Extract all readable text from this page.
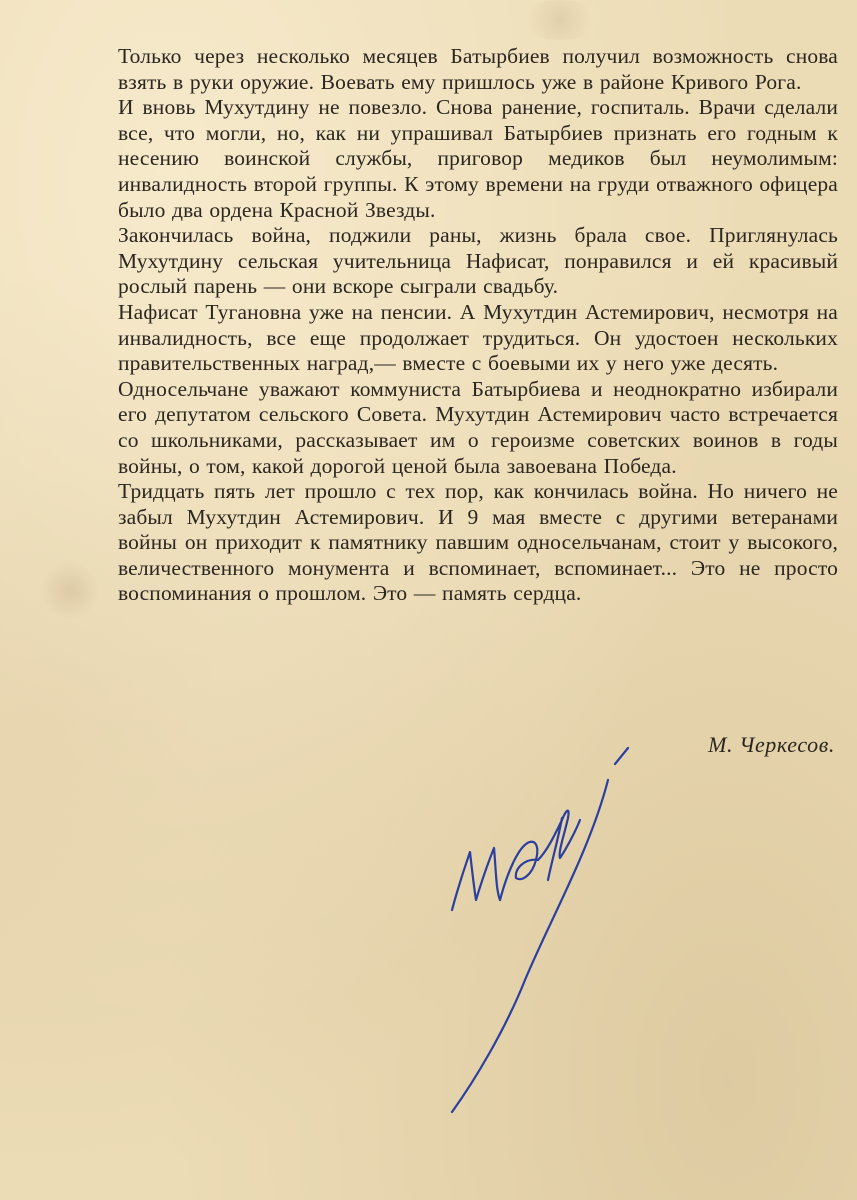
Только через несколько месяцев Батырбиев получил возможность снова взять в руки оружие. Воевать ему пришлось уже в районе Кривого Рога.

И вновь Мухутдину не повезло. Снова ранение, госпиталь. Врачи сделали все, что могли, но, как ни упрашивал Батырбиев признать его годным к несению воинской службы, приговор медиков был неумолимым: инвалидность второй группы. К этому времени на груди отважного офицера было два ордена Красной Звезды.

Закончилась война, поджили раны, жизнь брала свое. Приглянулась Мухутдину сельская учительница Нафисат, понравился и ей красивый рослый парень — они вскоре сыграли свадьбу.

Нафисат Тугановна уже на пенсии. А Мухутдин Астемирович, несмотря на инвалидность, все еще продолжает трудиться. Он удостоен нескольких правительственных наград,— вместе с боевыми их у него уже десять.

Односельчане уважают коммуниста Батырбиева и неоднократно избирали его депутатом сельского Совета. Мухутдин Астемирович часто встречается со школьниками, рассказывает им о героизме советских воинов в годы войны, о том, какой дорогой ценой была завоевана Победа.

Тридцать пять лет прошло с тех пор, как кончилась война. Но ничего не забыл Мухутдин Астемирович. И 9 мая вместе с другими ветеранами войны он приходит к памятнику павшим односельчанам, стоит у высокого, величественного монумента и вспоминает, вспоминает... Это не просто воспоминания о прошлом. Это — память сердца.

М. Черкесов.
